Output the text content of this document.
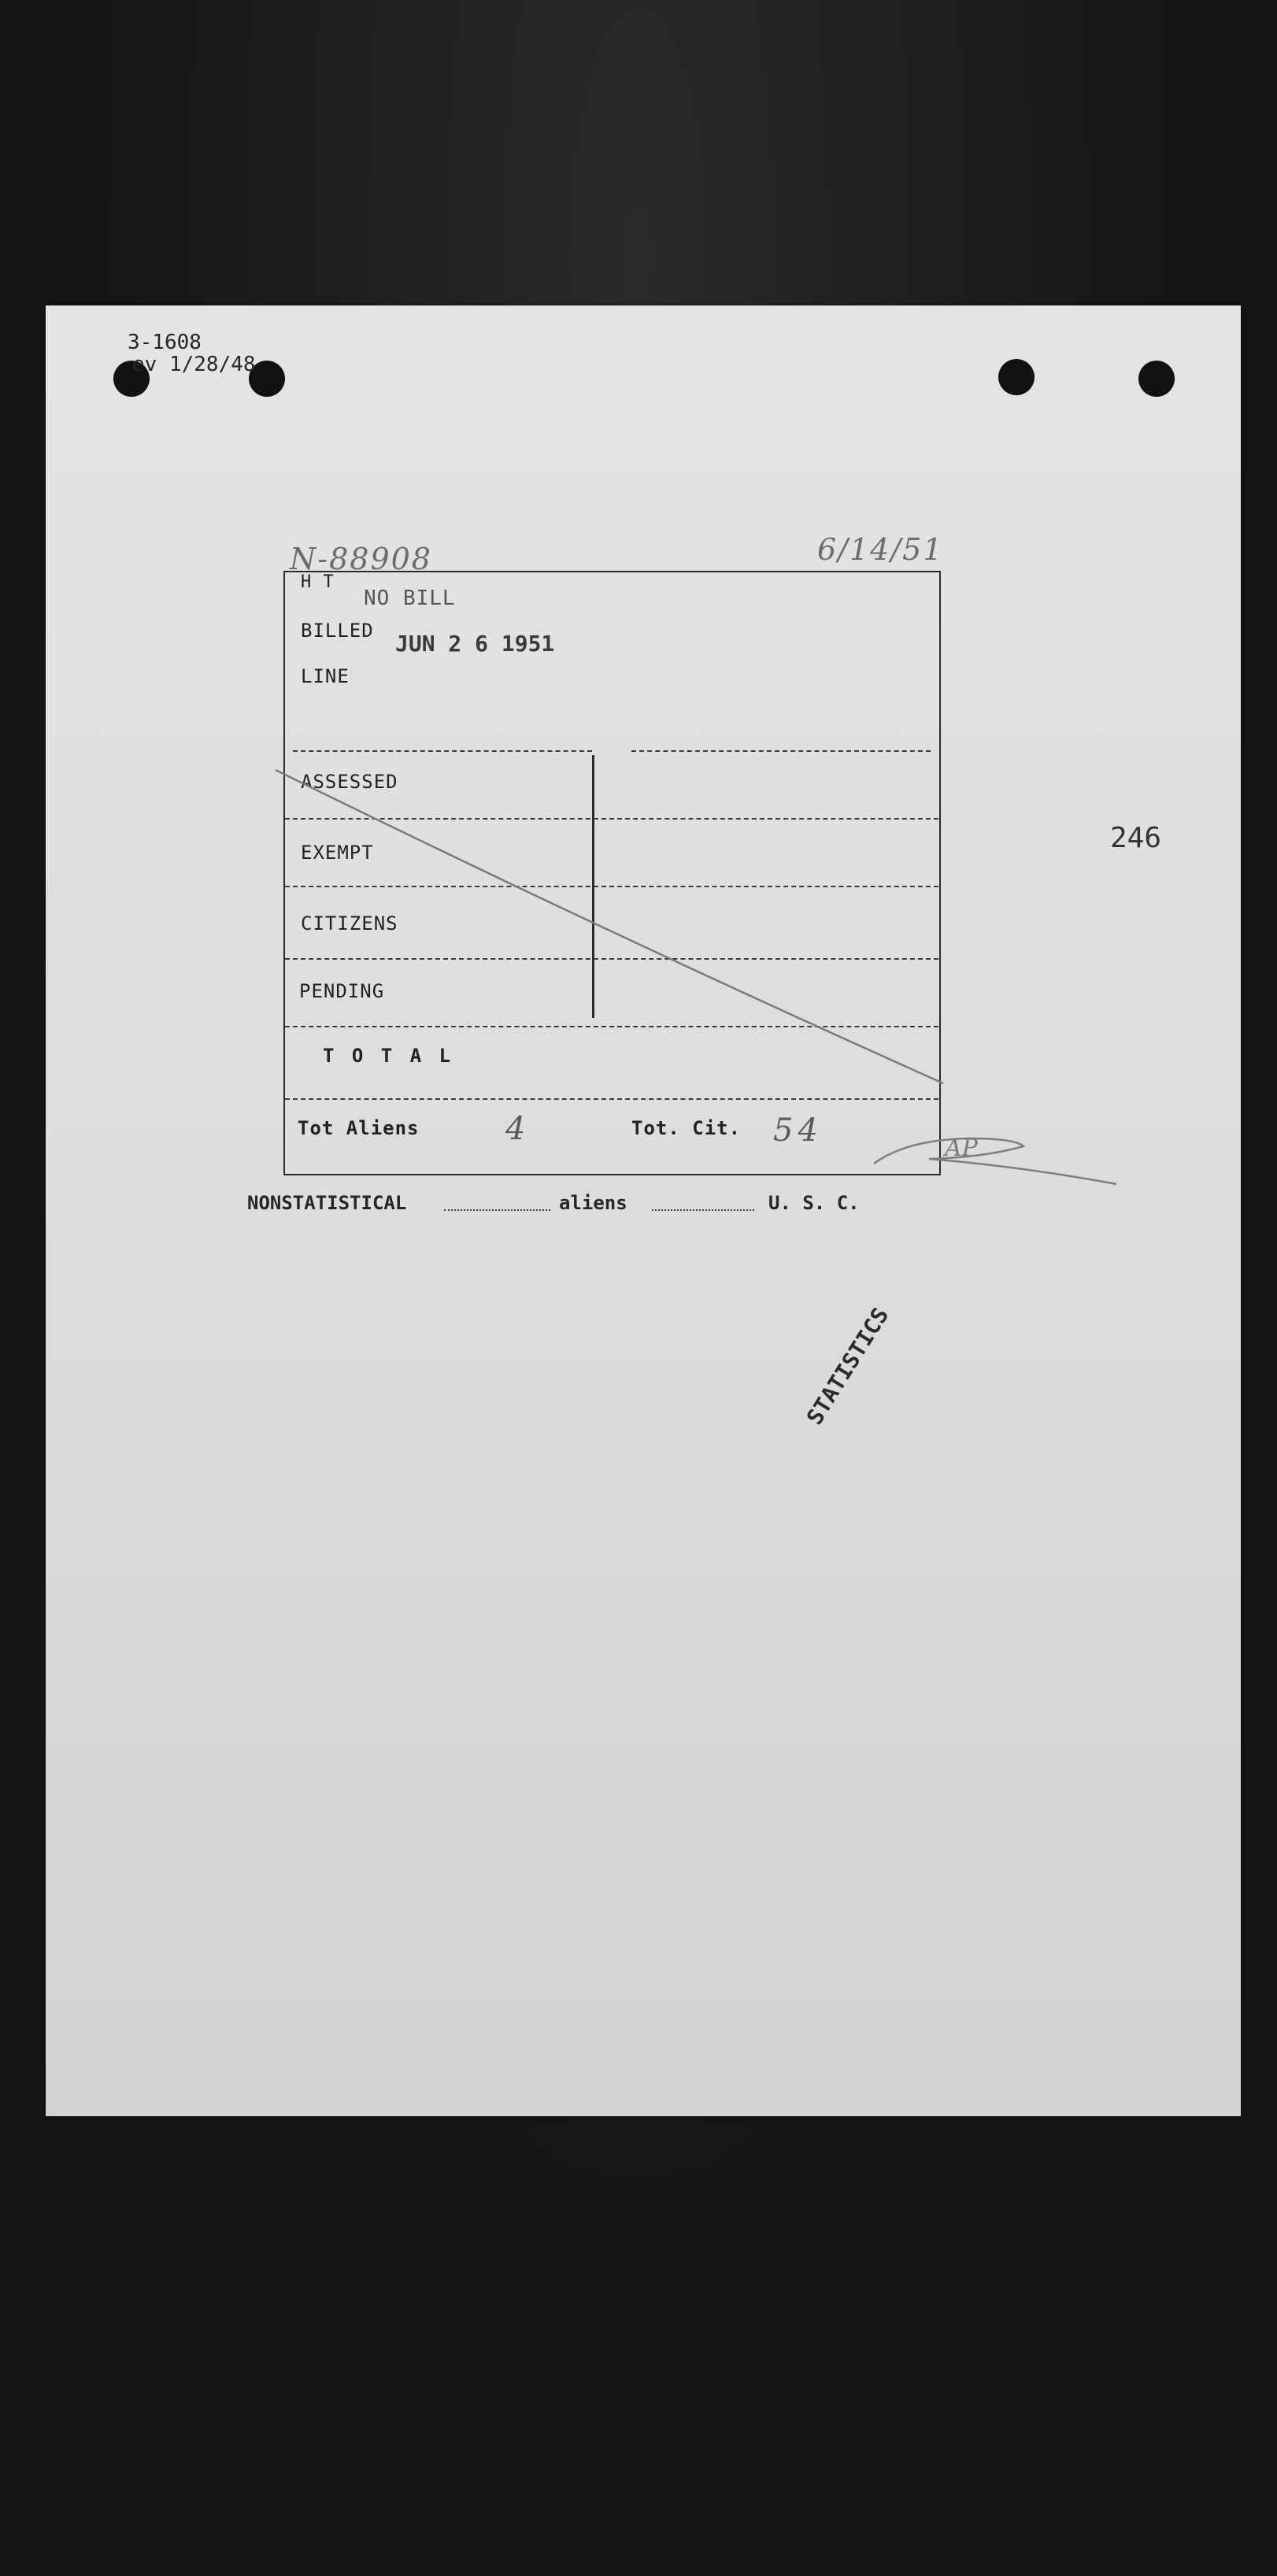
3-1608
ev 1/28/48
N-88908	6/14/51
246
NONSTATISTICAL	aliens	U. S. C.
STATISTICS
H T
NO BILL
BILLED JUN 2 6 1951
LINE
ASSESSED
EXEMPT
CITIZENS
PENDING
T O T A L
Tot Aliens	4	Tot. Cit. 54	AP
